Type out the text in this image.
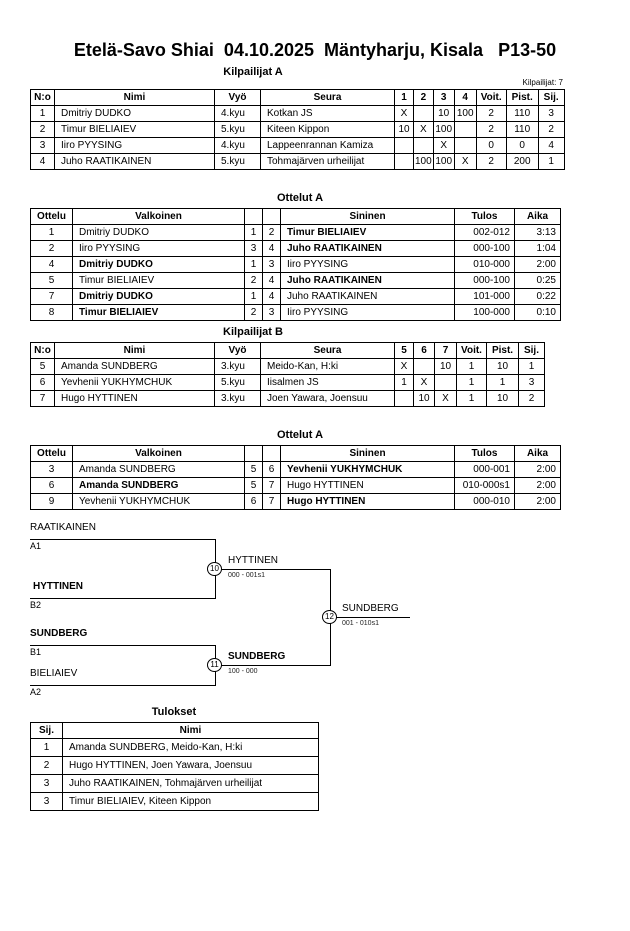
Etelä-Savo Shiai  04.10.2025  Mäntyharju, Kisala   P13-50
Kilpailijat A
Kilpailijat: 7
N:o	Nimi	Vyö	Seura	1	2	3	4	Voit.	Pist.	Sij.
1	Dmitriy DUDKO	4.kyu	Kotkan JS	X		10	100	2	110	3
2	Timur BIELIAIEV	5.kyu	Kiteen Kippon	10	X	100		2	110	2
3	Iiro PYYSING	4.kyu	Lappeenrannan Kamiza			X		0	0	4
4	Juho RAATIKAINEN	5.kyu	Tohmajärven urheilijat		100	100	X	2	200	1
Ottelut A
Ottelu	Valkoinen			Sininen	Tulos	Aika
1	Dmitriy DUDKO	1	2	Timur BIELIAIEV	002-012	3:13
2	Iiro PYYSING	3	4	Juho RAATIKAINEN	000-100	1:04
4	Dmitriy DUDKO	1	3	Iiro PYYSING	010-000	2:00
5	Timur BIELIAIEV	2	4	Juho RAATIKAINEN	000-100	0:25
7	Dmitriy DUDKO	1	4	Juho RAATIKAINEN	101-000	0:22
8	Timur BIELIAIEV	2	3	Iiro PYYSING	100-000	0:10
Kilpailijat B
N:o	Nimi	Vyö	Seura	5	6	7	Voit.	Pist.	Sij.
5	Amanda SUNDBERG	3.kyu	Meido-Kan, H:ki	X		10	1	10	1
6	Yevhenii YUKHYMCHUK	5.kyu	Iisalmen JS	1	X		1	1	3
7	Hugo HYTTINEN	3.kyu	Joen Yawara, Joensuu		10	X	1	10	2
Ottelut A
Ottelu	Valkoinen			Sininen	Tulos	Aika
3	Amanda SUNDBERG	5	6	Yevhenii YUKHYMCHUK	000-001	2:00
6	Amanda SUNDBERG	5	7	Hugo HYTTINEN	010-000s1	2:00
9	Yevhenii YUKHYMCHUK	6	7	Hugo HYTTINEN	000-010	2:00
RAATIKAINEN
A1
HYTTINEN
B2
HYTTINEN
000 - 001s1
10
SUNDBERG
B1
BIELIAIEV
A2
SUNDBERG
100 - 000
11
SUNDBERG
001 - 010s1
12
Tulokset
Sij.	Nimi
1	Amanda SUNDBERG, Meido-Kan, H:ki
2	Hugo HYTTINEN, Joen Yawara, Joensuu
3	Juho RAATIKAINEN, Tohmajärven urheilijat
3	Timur BIELIAIEV, Kiteen Kippon
